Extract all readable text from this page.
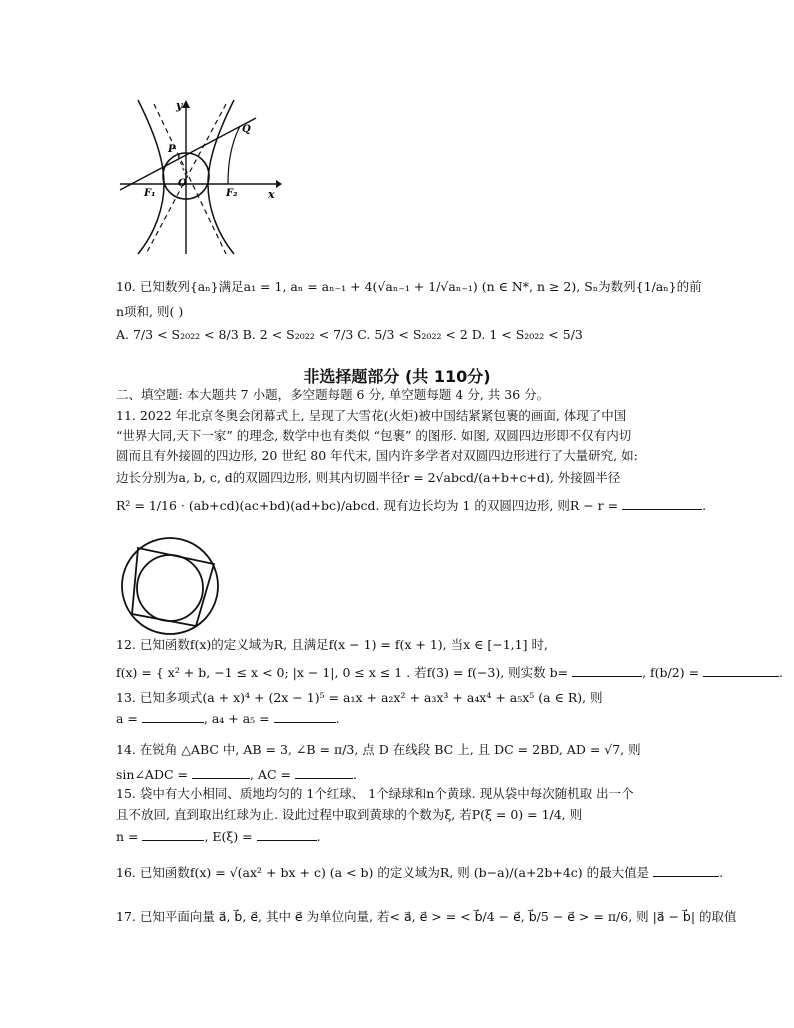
y
x
P
Q
O
F₁	F₂
10. 已知数列{aₙ}满足a₁ = 1, aₙ = aₙ₋₁ + 4(√aₙ₋₁ + 1/√aₙ₋₁) (n ∈ N*, n ≥ 2), Sₙ为数列{1/aₙ}的前
n项和, 则( )
A. 7/3 < S₂₀₂₂ < 8/3 B. 2 < S₂₀₂₂ < 7/3 C. 5/3 < S₂₀₂₂ < 2 D. 1 < S₂₀₂₂ < 5/3
非选择题部分 (共 110分)
二、填空题: 本大题共 7 小题，多空题每题 6 分, 单空题每题 4 分, 共 36 分。
11. 2022 年北京冬奥会闭幕式上, 呈现了大雪花(火炬)被中国结紧紧包裹的画面, 体现了中国
“世界大同,天下一家” 的理念, 数学中也有类似 “包裹” 的图形. 如图, 双圆四边形即不仅有内切
圆而且有外接圆的四边形, 20 世纪 80 年代末, 国内许多学者对双圆四边形进行了大量研究, 如:
边长分别为a, b, c, d的双圆四边形, 则其内切圆半径r = 2√abcd/(a+b+c+d), 外接圆半径
R² = 1/16 · (ab+cd)(ac+bd)(ad+bc)/abcd. 现有边长均为 1 的双圆四边形, 则R − r =	.
12. 已知函数f(x)的定义域为R, 且满足f(x − 1) = f(x + 1), 当x ∈ [−1,1] 时,
f(x) = { x² + b, −1 ≤ x < 0; |x − 1|, 0 ≤ x ≤ 1 . 若f(3) = f(−3), 则实数 b=	, f(b/2) =	.
13. 已知多项式(a + x)⁴ + (2x − 1)⁵ = a₁x + a₂x² + a₃x³ + a₄x⁴ + a₅x⁵ (a ∈ R), 则
a =	, a₄ + a₅ =	.
14. 在锐角 △ABC 中, AB = 3, ∠B = π/3, 点 D 在线段 BC 上, 且 DC = 2BD, AD = √7, 则
sin∠ADC =	, AC =	.
15. 袋中有大小相同、质地均匀的 1个红球、 1个绿球和n个黄球. 现从袋中每次随机取 出一个
且不放回, 直到取出红球为止. 设此过程中取到黄球的个数为ξ, 若P(ξ = 0) = 1/4, 则
n =	, E(ξ) =	.
16. 已知函数f(x) = √(ax² + bx + c) (a < b) 的定义域为R, 则 (b−a)/(a+2b+4c) 的最大值是	.
17. 已知平面向量 a⃗, b⃗, e⃗, 其中 e⃗ 为单位向量, 若< a⃗, e⃗ > = < b⃗/4 − e⃗, b⃗/5 − e⃗ > = π/6, 则 |a⃗ − b⃗| 的取值
